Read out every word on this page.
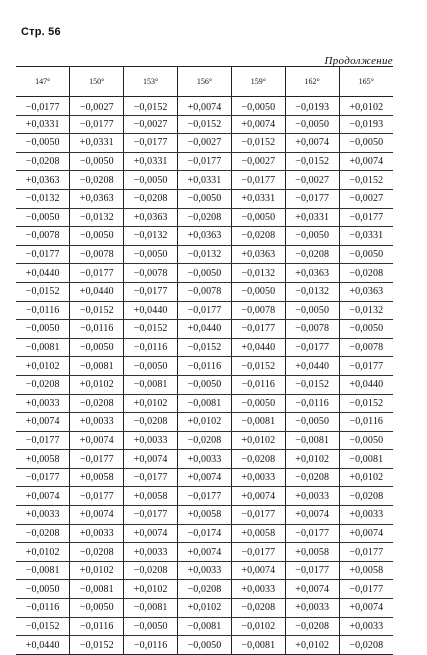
Стр. 56
Продолжение
147°	150°	153°	156°	159°	162°	165°
−0,0177	−0,0027	−0,0152	+0,0074	−0,0050	−0,0193	+0,0102
+0,0331	−0,0177	−0,0027	−0,0152	+0,0074	−0,0050	−0,0193
−0,0050	+0,0331	−0,0177	−0,0027	−0,0152	+0,0074	−0,0050
−0,0208	−0,0050	+0,0331	−0,0177	−0,0027	−0,0152	+0,0074
+0,0363	−0,0208	−0,0050	+0,0331	−0,0177	−0,0027	−0,0152
−0,0132	+0,0363	−0,0208	−0,0050	+0,0331	−0,0177	−0,0027
−0,0050	−0,0132	+0,0363	−0,0208	−0,0050	+0,0331	−0,0177
−0,0078	−0,0050	−0,0132	+0,0363	−0,0208	−0,0050	−0,0331
−0,0177	−0,0078	−0,0050	−0,0132	+0,0363	−0,0208	−0,0050
+0,0440	−0,0177	−0,0078	−0,0050	−0,0132	+0,0363	−0,0208
−0,0152	+0,0440	−0,0177	−0,0078	−0,0050	−0,0132	+0,0363
−0,0116	−0,0152	+0,0440	−0,0177	−0,0078	−0,0050	−0,0132
−0,0050	−0,0116	−0,0152	+0,0440	−0,0177	−0,0078	−0,0050
−0,0081	−0,0050	−0,0116	−0,0152	+0,0440	−0,0177	−0,0078
+0,0102	−0,0081	−0,0050	−0,0116	−0,0152	+0,0440	−0,0177
−0,0208	+0,0102	−0,0081	−0,0050	−0,0116	−0,0152	+0,0440
+0,0033	−0,0208	+0,0102	−0,0081	−0,0050	−0,0116	−0,0152
+0,0074	+0,0033	−0,0208	+0,0102	−0,0081	−0,0050	−0,0116
−0,0177	+0,0074	+0,0033	−0,0208	+0,0102	−0,0081	−0,0050
+0,0058	−0,0177	+0,0074	+0,0033	−0,0208	+0,0102	−0,0081
−0,0177	+0,0058	−0,0177	+0,0074	+0,0033	−0,0208	+0,0102
+0,0074	−0,0177	+0,0058	−0,0177	+0,0074	+0,0033	−0,0208
+0,0033	+0,0074	−0,0177	+0,0058	−0,0177	+0,0074	+0,0033
−0,0208	+0,0033	+0,0074	−0,0174	+0,0058	−0,0177	+0,0074
+0,0102	−0,0208	+0,0033	+0,0074	−0,0177	+0,0058	−0,0177
−0,0081	+0,0102	−0,0208	+0,0033	+0,0074	−0,0177	+0,0058
−0,0050	−0,0081	+0,0102	−0,0208	+0,0033	+0,0074	−0,0177
−0,0116	−0,0050	−0,0081	+0,0102	−0,0208	+0,0033	+0,0074
−0,0152	−0,0116	−0,0050	−0,0081	−0,0102	−0,0208	+0,0033
+0,0440	−0,0152	−0,0116	−0,0050	−0,0081	+0,0102	−0,0208
